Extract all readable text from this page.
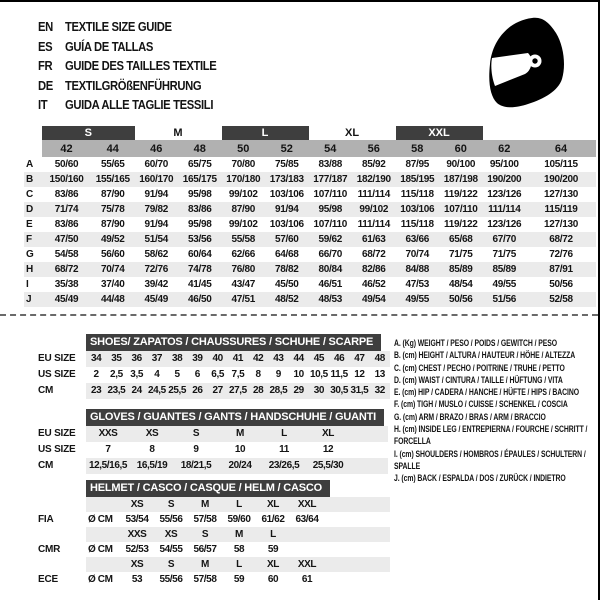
EN TEXTILE SIZE GUIDE
ES	GUÍA DE TALLAS
FR	GUIDE DES TAILLES TEXTILE
DE TEXTILGRÖßENFÜHRUNG
IT	GUIDA ALLE TAGLIE TESSILI
	S		M		L		XL		XXL			
	42	44	46	48	50	52	54	56	58	60	62	64
A	50/60	55/65	60/70	65/75	70/80	75/85	83/88	85/92	87/95	90/100	95/100	105/115
B	150/160	155/165	160/170	165/175	170/180	173/183	177/187	182/190	185/195	187/198	190/200	190/200
C	83/86	87/90	91/94	95/98	99/102	103/106	107/110	111/114	115/118	119/122	123/126	127/130
D	71/74	75/78	79/82	83/86	87/90	91/94	95/98	99/102	103/106	107/110	111/114	115/119
E	83/86	87/90	91/94	95/98	99/102	103/106	107/110	111/114	115/118	119/122	123/126	127/130
F	47/50	49/52	51/54	53/56	55/58	57/60	59/62	61/63	63/66	65/68	67/70	68/72
G	54/58	56/60	58/62	60/64	62/66	64/68	66/70	68/72	70/74	71/75	71/75	72/76
H	68/72	70/74	72/76	74/78	76/80	78/82	80/84	82/86	84/88	85/89	85/89	87/91
I	35/38	37/40	39/42	41/45	43/47	45/50	46/51	46/52	47/53	48/54	49/55	50/56
J	45/49	44/48	45/49	46/50	47/51	48/52	48/53	49/54	49/55	50/56	51/56	52/58
	SHOES/ ZAPATOS / CHAUSSURES / SCHUHE / SCARPE														
EU SIZE	34	35	36	37	38	39	40	41	42	43	44	45	46	47	48
US SIZE	2	2,5	3,5	4	5	6	6,5	7,5	8	9	10	10,5	11,5	12	13
CM	23	23,5	24	24,5	25,5	26	27	27,5	28	28,5	29	30	30,5	31,5	32
	GLOVES / GUANTES / GANTS / HANDSCHUHE / GUANTI						
EU SIZE	XXS	XS	S	M	L	XL	
US SIZE	7	8	9	10	11	12	
CM	12,5/16,5	16,5/19	18/21,5	20/24	23/26,5	25,5/30	
	HELMET / CASCO / CASQUE / HELM / CASCO							
		XS	S	M	L	XL	XXL	
FIA	Ø CM	53/54	55/56	57/58	59/60	61/62	63/64	
		XXS	XS	S	M	L		
CMR	Ø CM	52/53	54/55	56/57	58	59		
		XS	S	M	L	XL	XXL	
ECE	Ø CM	53	55/56	57/58	59	60	61	
A. (Kg) WEIGHT / PESO / POIDS / GEWITCH / PESO
B. (cm) HEIGHT / ALTURA / HAUTEUR / HÖHE / ALTEZZA
C. (cm) CHEST / PECHO / POITRINE / TRUHE / PETTO
D. (cm) WAIST / CINTURA / TAILLE / HÜFTUNG / VITA
E. (cm) HIP / CADERA / HANCHE / HÜFTE / HIPS / BACINO
F. (cm) TIGH / MUSLO / CUISSE / SCHENKEL / COSCIA
G. (cm) ARM / BRAZO / BRAS / ARM / BRACCIO
H. (cm) INSIDE LEG / ENTREPIERNA / FOURCHE / SCHRITT / FORCELLA
I. (cm) SHOULDERS / HOMBROS / ÉPAULES / SCHULTERN / SPALLE
J. (cm) BACK / ESPALDA / DOS / ZURÜCK / INDIETRO
